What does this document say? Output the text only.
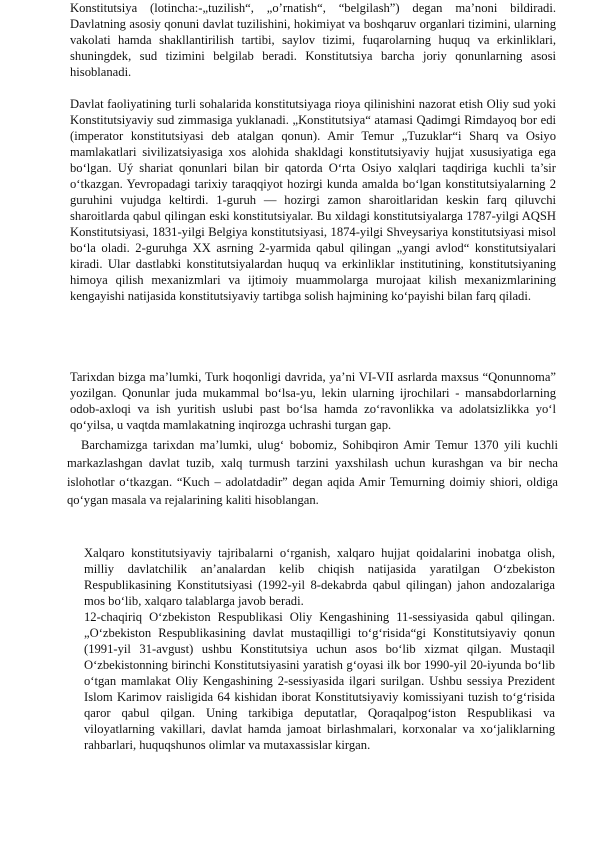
Konstitutsiya (lotincha:-„tuzilish“, „o’rnatish“, “belgilash”) degan ma’noni bildiradi. Davlatning asosiy qonuni davlat tuzilishini, hokimiyat va boshqaruv organlari tizimini, ularning vakolati hamda shakllantirilish tartibi, saylov tizimi, fuqarolarning huquq va erkinliklari, shuningdek, sud tizimini belgilab beradi. Konstitutsiya barcha joriy qonunlarning asosi hisoblanadi.

Davlat faoliyatining turli sohalarida konstitutsiyaga rioya qilinishini nazorat etish Oliy sud yoki Konstitutsiyaviy sud zimmasiga yuklanadi. „Konstitutsiya“ atamasi Qadimgi Rimdayoq bor edi (imperator konstitutsiyasi deb atalgan qonun). Amir Temur „Tuzuklar“i Sharq va Osiyo mamlakatlari sivilizatsiyasiga xos alohida shakldagi konstitutsiyaviy hujjat xususiyatiga ega bo‘lgan. Uý shariat qonunlari bilan bir qatorda O‘rta Osiyo xalqlari taqdiriga kuchli ta’sir o‘tkazgan. Yevropadagi tarixiy taraqqiyot hozirgi kunda amalda bo‘lgan konstitutsiyalarning 2 guruhini vujudga keltirdi. 1-guruh — hozirgi zamon sharoitlaridan keskin farq qiluvchi sharoitlarda qabul qilingan eski konstitutsiyalar. Bu xildagi konstitutsiyalarga 1787-yilgi AQSH Konstitutsiyasi, 1831-yilgi Belgiya konstitutsiyasi, 1874-yilgi Shveysariya konstitutsiyasi misol bo‘la oladi. 2-guruhga XX asrning 2-yarmida qabul qilingan „yangi avlod“ konstitutsiyalari kiradi. Ular dastlabki konstitutsiyalardan huquq va erkinliklar institutining, konstitutsiyaning himoya qilish mexanizmlari va ijtimoiy muammolarga murojaat kilish mexanizmlarining kengayishi natijasida konstitutsiyaviy tartibga solish hajmining ko‘payishi bilan farq qiladi.

Tarixdan bizga ma’lumki, Turk hoqonligi davrida, ya’ni VI-VII asrlarda maxsus “Qonunnoma” yozilgan. Qonunlar juda mukammal bo‘lsa-yu, lekin ularning ijrochilari - mansabdorlarning odob-axloqi va ish yuritish uslubi past bo‘lsa hamda zo‘ravonlikka va adolatsizlikka yo‘l qo‘yilsa, u vaqtda mamlakatning inqirozga uchrashi turgan gap.

Barchamizga tarixdan ma’lumki, ulug‘ bobomiz, Sohibqiron Amir Temur 1370 yili kuchli markazlashgan davlat tuzib, xalq turmush tarzini yaxshilash uchun kurashgan va bir necha islohotlar o‘tkazgan. “Kuch – adolatdadir” degan aqida Amir Temurning doimiy shiori, oldiga qo‘ygan masala va rejalarining kaliti hisoblangan.

Xalqaro konstitutsiyaviy tajribalarni o‘rganish, xalqaro hujjat qoidalarini inobatga olish, milliy davlatchilik an’analardan kelib chiqish natijasida yaratilgan O‘zbekiston Respublikasining Konstitutsiyasi (1992-yil 8-dekabrda qabul qilingan) jahon andozalariga mos bo‘lib, xalqaro talablarga javob beradi.
12-chaqiriq O‘zbekiston Respublikasi Oliy Kengashining 11-sessiyasida qabul qilingan. „O‘zbekiston Respublikasining davlat mustaqilligi to‘g‘risida“gi Konstitutsiyaviy qonun (1991-yil 31-avgust) ushbu Konstitutsiya uchun asos bo‘lib xizmat qilgan. Mustaqil O‘zbekistonning birinchi Konstitutsiyasini yaratish g‘oyasi ilk bor 1990-yil 20-iyunda bo‘lib o‘tgan mamlakat Oliy Kengashining 2-sessiyasida ilgari surilgan. Ushbu sessiya Prezident Islom Karimov raisligida 64 kishidan iborat Konstitutsiyaviy komissiyani tuzish to‘g‘risida qaror qabul qilgan. Uning tarkibiga deputatlar, Qoraqalpog‘iston Respublikasi va viloyatlarning vakillari, davlat hamda jamoat birlashmalari, korxonalar va xo‘jaliklarning rahbarlari, huquqshunos olimlar va mutaxassislar kirgan.
